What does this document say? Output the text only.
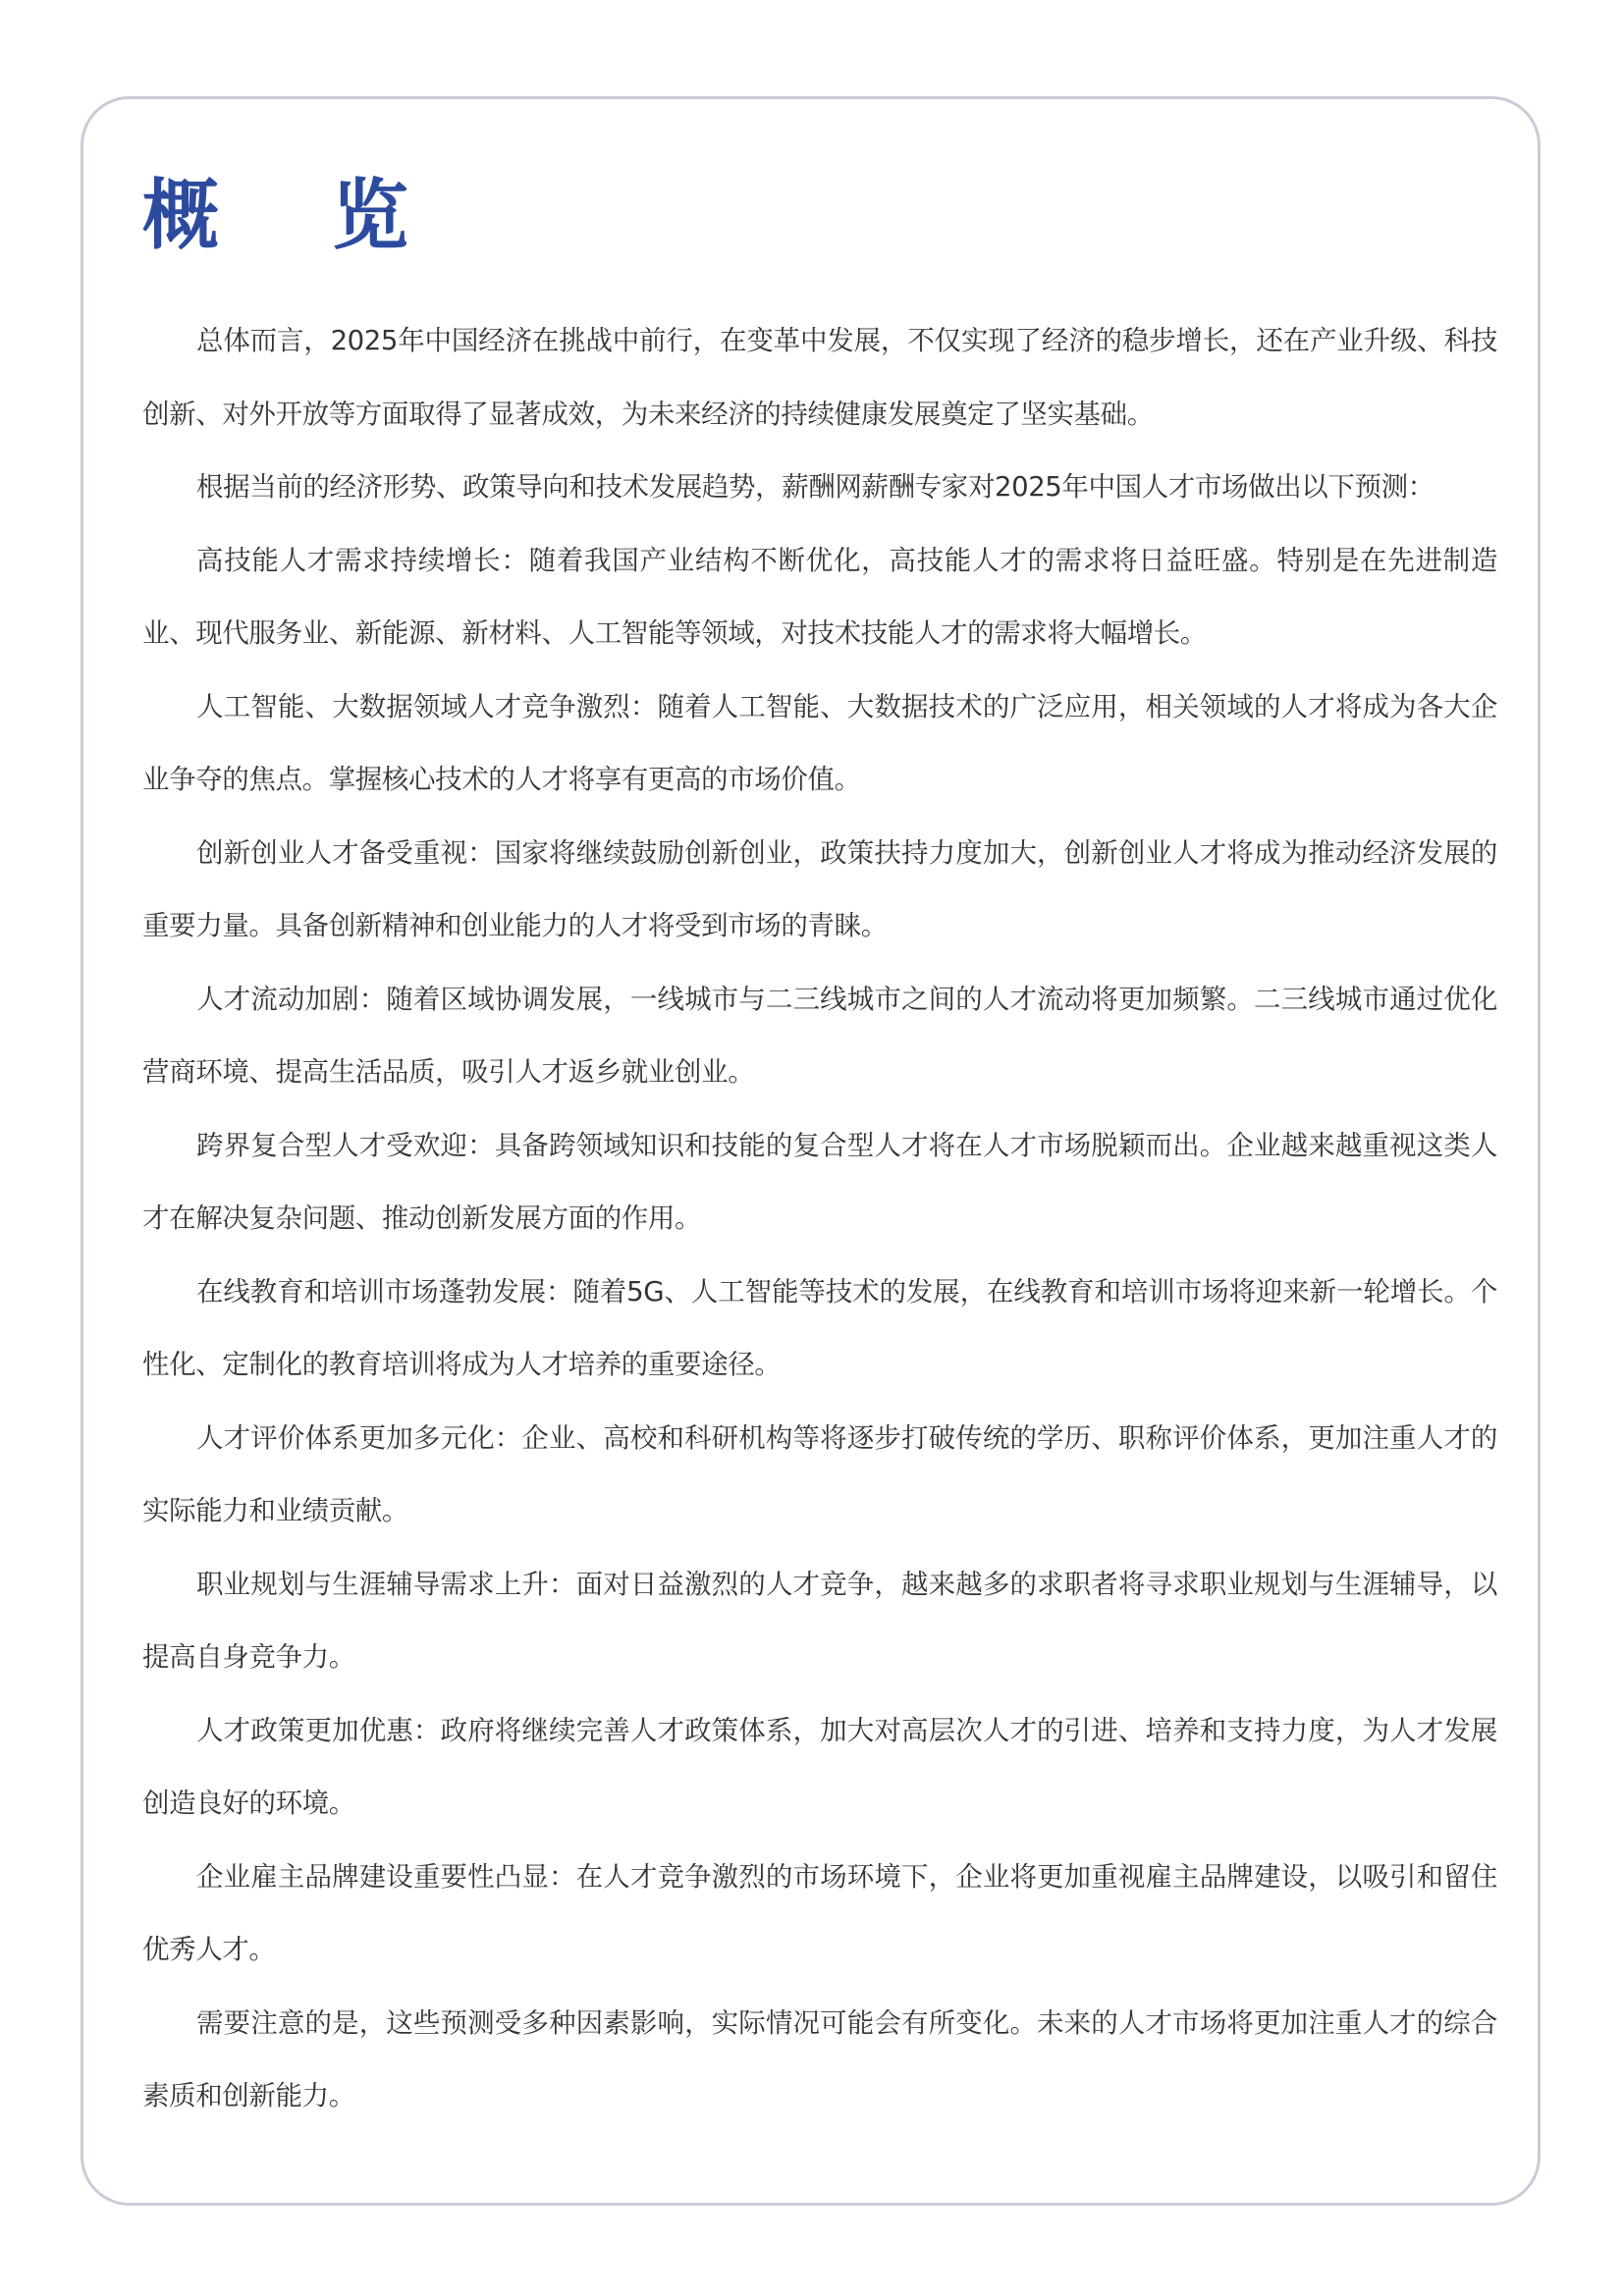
概 览

总体而言，2025年中国经济在挑战中前行，在变革中发展，不仅实现了经济的稳步增长，还在产业升级、科技创新、对外开放等方面取得了显著成效，为未来经济的持续健康发展奠定了坚实基础。

根据当前的经济形势、政策导向和技术发展趋势，薪酬网薪酬专家对2025年中国人才市场做出以下预测：

高技能人才需求持续增长：随着我国产业结构不断优化，高技能人才的需求将日益旺盛。特别是在先进制造业、现代服务业、新能源、新材料、人工智能等领域，对技术技能人才的需求将大幅增长。

人工智能、大数据领域人才竞争激烈：随着人工智能、大数据技术的广泛应用，相关领域的人才将成为各大企业争夺的焦点。掌握核心技术的人才将享有更高的市场价值。

创新创业人才备受重视：国家将继续鼓励创新创业，政策扶持力度加大，创新创业人才将成为推动经济发展的重要力量。具备创新精神和创业能力的人才将受到市场的青睐。

人才流动加剧：随着区域协调发展，一线城市与二三线城市之间的人才流动将更加频繁。二三线城市通过优化营商环境、提高生活品质，吸引人才返乡就业创业。

跨界复合型人才受欢迎：具备跨领域知识和技能的复合型人才将在人才市场脱颖而出。企业越来越重视这类人才在解决复杂问题、推动创新发展方面的作用。

在线教育和培训市场蓬勃发展：随着5G、人工智能等技术的发展，在线教育和培训市场将迎来新一轮增长。个性化、定制化的教育培训将成为人才培养的重要途径。

人才评价体系更加多元化：企业、高校和科研机构等将逐步打破传统的学历、职称评价体系，更加注重人才的实际能力和业绩贡献。

职业规划与生涯辅导需求上升：面对日益激烈的人才竞争，越来越多的求职者将寻求职业规划与生涯辅导，以提高自身竞争力。

人才政策更加优惠：政府将继续完善人才政策体系，加大对高层次人才的引进、培养和支持力度，为人才发展创造良好的环境。

企业雇主品牌建设重要性凸显：在人才竞争激烈的市场环境下，企业将更加重视雇主品牌建设，以吸引和留住优秀人才。

需要注意的是，这些预测受多种因素影响，实际情况可能会有所变化。未来的人才市场将更加注重人才的综合素质和创新能力。
